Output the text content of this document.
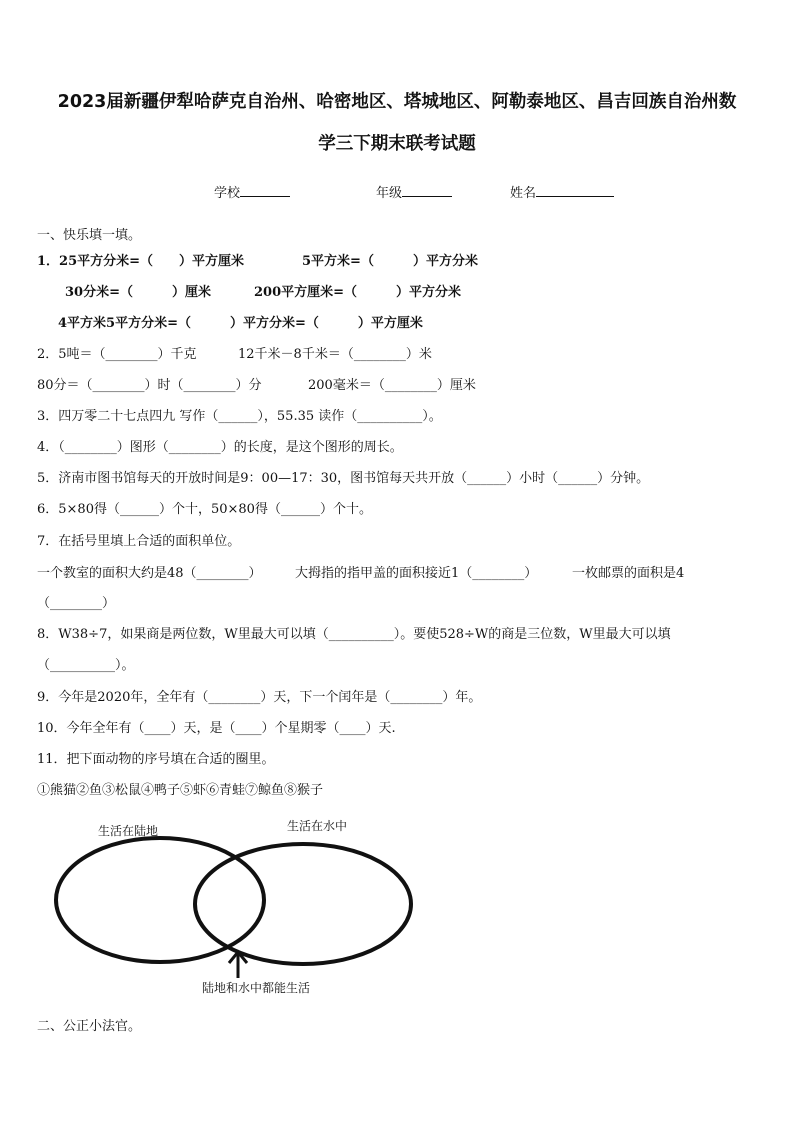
2023届新疆伊犁哈萨克自治州、哈密地区、塔城地区、阿勒泰地区、昌吉回族自治州数
学三下期末联考试题
学校	年级	姓名
一、快乐填一填。
1．25平方分米=（　　）平方厘米	5平方米=（　　　）平方分米
30分米=（　　　）厘米	200平方厘米=（　　　）平方分米
4平方米5平方分米=（　　　）平方分米=（　　　）平方厘米
2．5吨＝（________）千克	12千米－8千米＝（________）米
80分＝（________）时（________）分	200毫米＝（________）厘米
3．四万零二十七点四九 写作（______），55.35 读作（__________）。
4．（________）图形（________）的长度，是这个图形的周长。
5．济南市图书馆每天的开放时间是9：00—17：30，图书馆每天共开放（______）小时（______）分钟。
6．5×80得（______）个十，50×80得（______）个十。
7．在括号里填上合适的面积单位。
一个教室的面积大约是48（________）	大拇指的指甲盖的面积接近1（________）	一枚邮票的面积是4
（________）
8．W38÷7，如果商是两位数，W里最大可以填（__________）。要使528÷W的商是三位数，W里最大可以填
（__________）。
9．今年是2020年，全年有（________）天，下一个闰年是（________）年。
10．今年全年有（____）天，是（____）个星期零（____）天.
11．把下面动物的序号填在合适的圈里。
①熊猫②鱼③松鼠④鸭子⑤虾⑥青蛙⑦鲸鱼⑧猴子
生活在陆地	生活在水中
陆地和水中都能生活
二、公正小法官。
